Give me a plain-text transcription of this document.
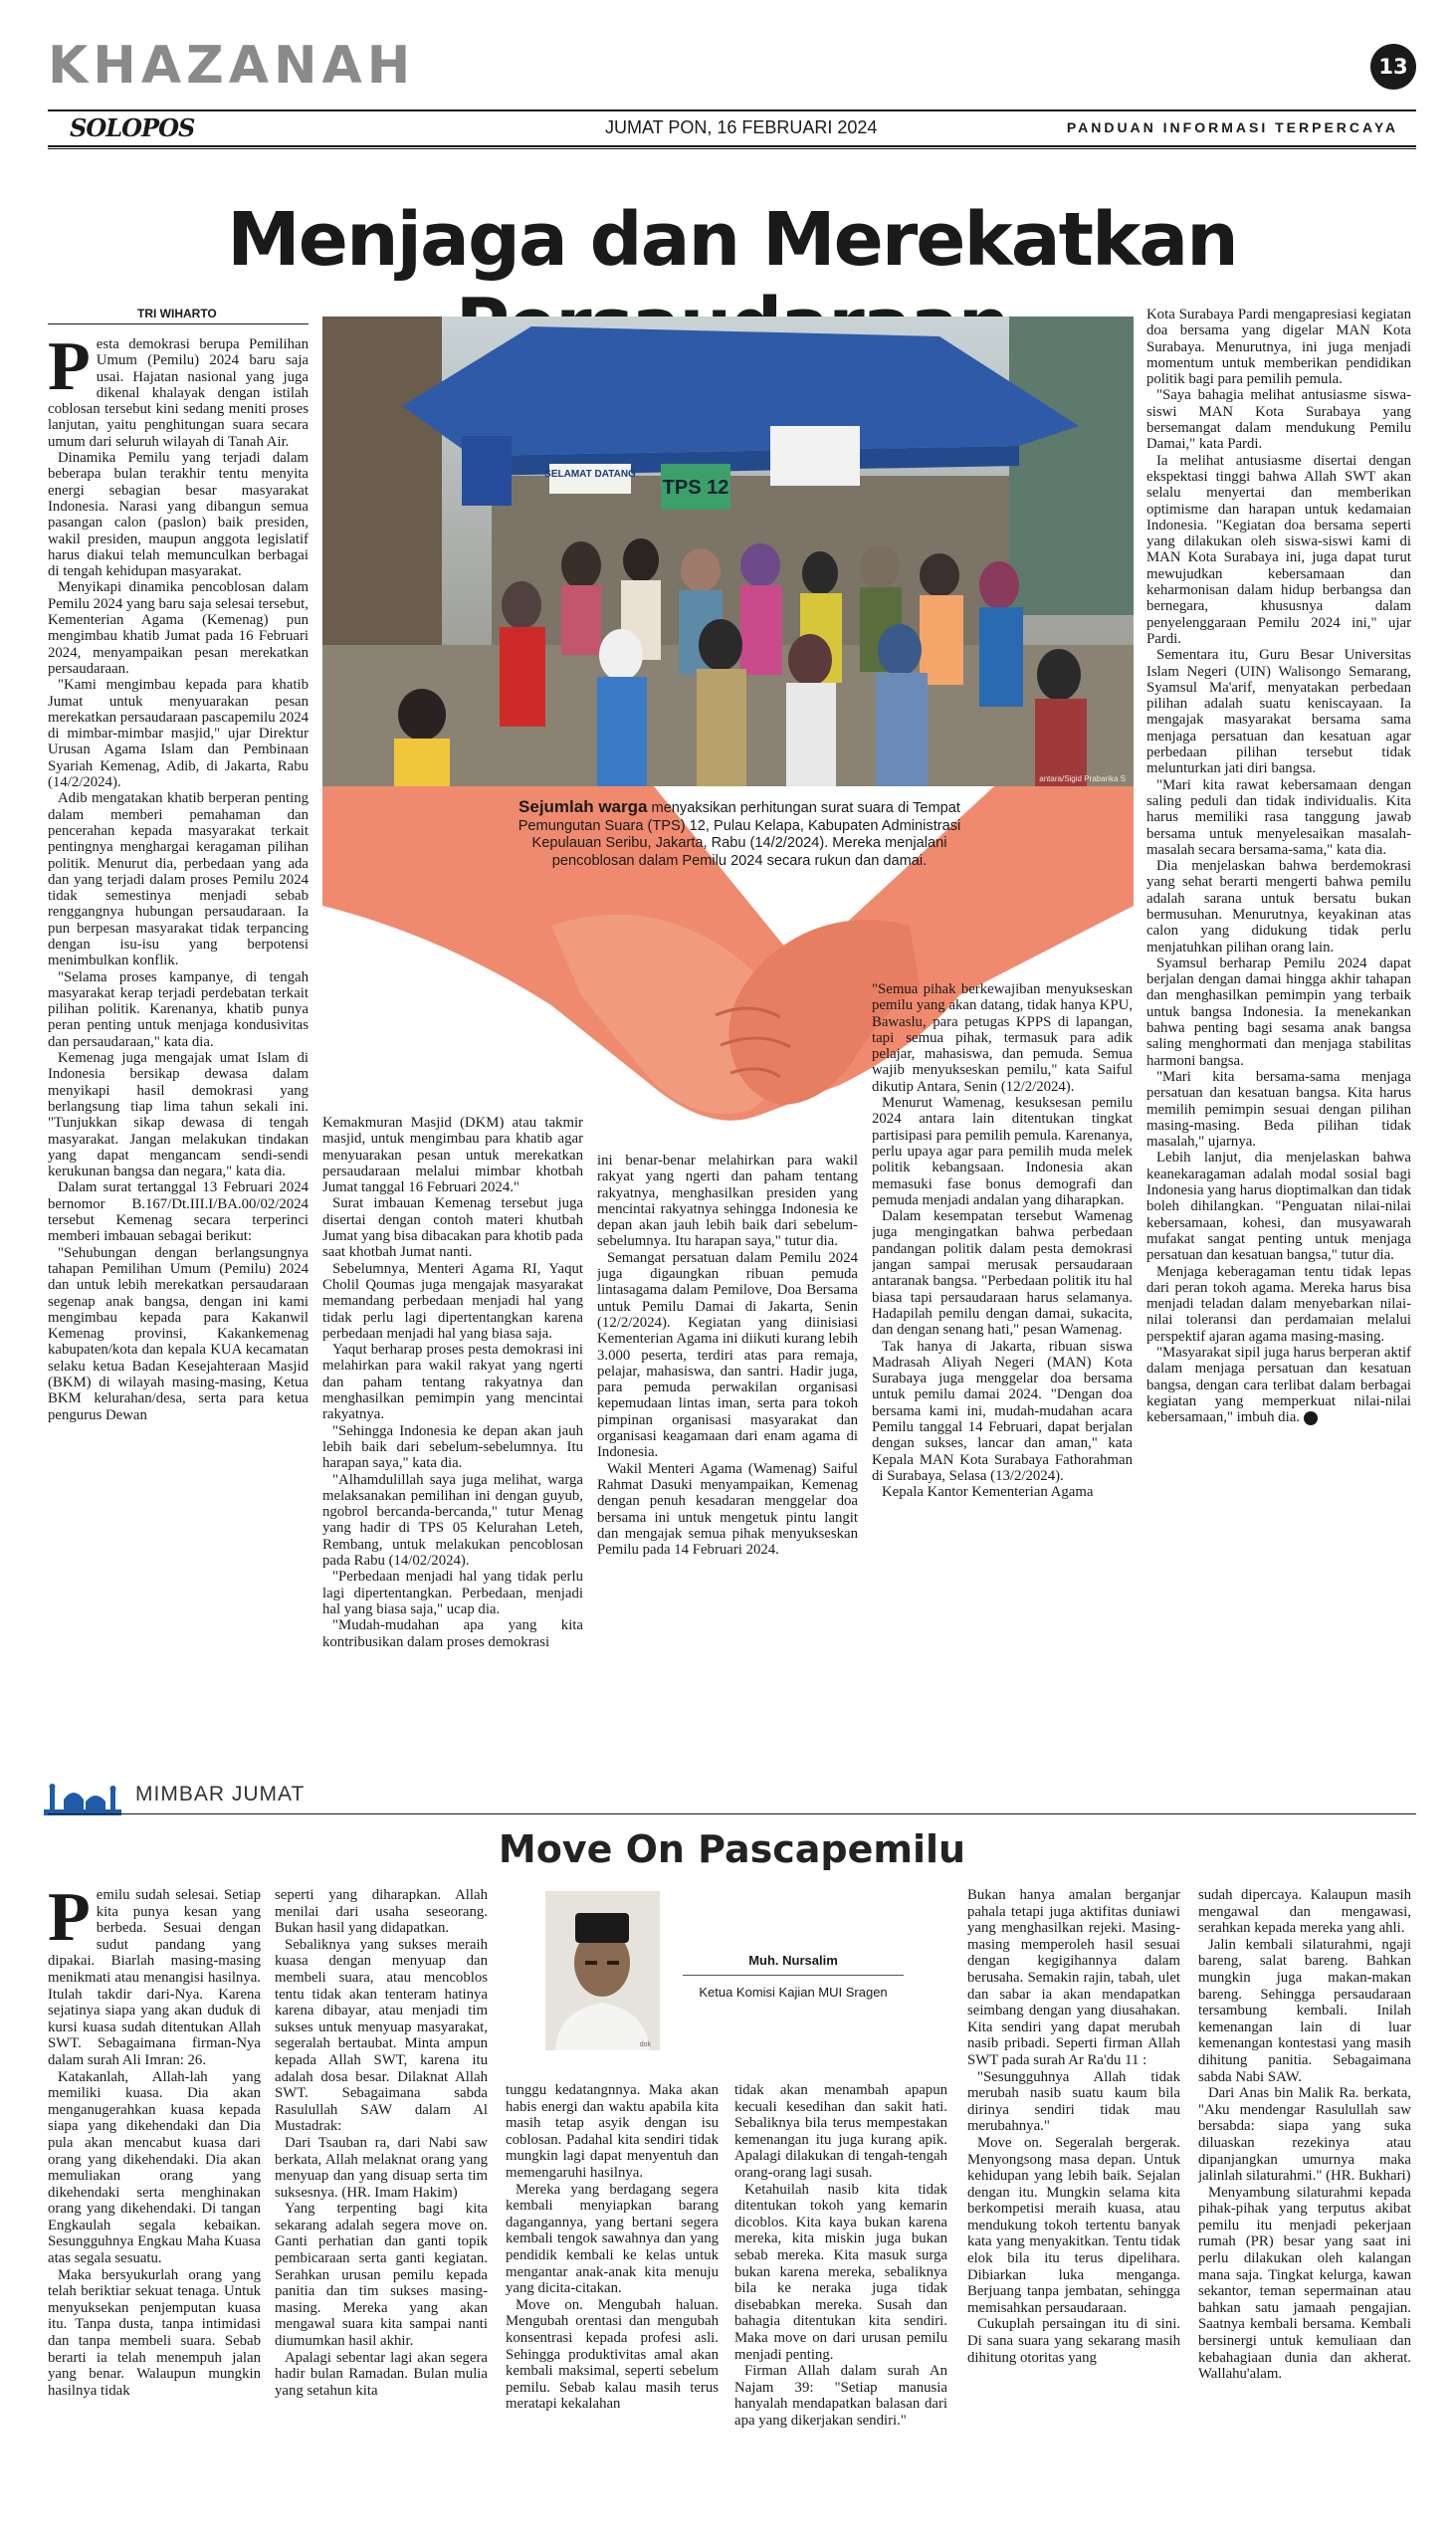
KHAZANAH	13
SOLOPOS	JUMAT PON, 16 FEBRUARI 2024	PANDUAN INFORMASI TERPERCAYA
Menjaga dan Merekatkan
TRI WIHARTO

Pesta demokrasi berupa Pemilihan Umum (Pemilu) 2024 baru saja usai. Hajatan nasional yang juga dikenal khalayak dengan istilah coblosan tersebut kini sedang meniti proses lanjutan, yaitu penghitungan suara secara umum dari seluruh wilayah di Tanah Air.

Dinamika Pemilu yang terjadi dalam beberapa bulan terakhir tentu menyita energi sebagian besar masyarakat Indonesia. Narasi yang dibangun semua pasangan calon (paslon) baik presiden, wakil presiden, maupun anggota legislatif harus diakui telah memunculkan berbagai di tengah kehidupan masyarakat.

Menyikapi dinamika pencoblosan dalam Pemilu 2024 yang baru saja selesai tersebut, Kementerian Agama (Kemenag) pun mengimbau khatib Jumat pada 16 Februari 2024, menyampaikan pesan merekatkan persaudaraan.

"Kami mengimbau kepada para khatib Jumat untuk menyuarakan pesan merekatkan persaudaraan pascapemilu 2024 di mimbar-mimbar masjid," ujar Direktur Urusan Agama Islam dan Pembinaan Syariah Kemenag, Adib, di Jakarta, Rabu (14/2/2024).

Adib mengatakan khatib berperan penting dalam memberi pemahaman dan pencerahan kepada masyarakat terkait pentingnya menghargai keragaman pilihan politik. Menurut dia, perbedaan yang ada dan yang terjadi dalam proses Pemilu 2024 tidak semestinya menjadi sebab renggangnya hubungan persaudaraan. Ia pun berpesan masyarakat tidak terpancing dengan isu-isu yang berpotensi menimbulkan konflik.

"Selama proses kampanye, di tengah masyarakat kerap terjadi perdebatan terkait pilihan politik. Karenanya, khatib punya peran penting untuk menjaga kondusivitas dan persaudaraan," kata dia.

Kemenag juga mengajak umat Islam di Indonesia bersikap dewasa dalam menyikapi hasil demokrasi yang berlangsung tiap lima tahun sekali ini. "Tunjukkan sikap dewasa di tengah masyarakat. Jangan melakukan tindakan yang dapat mengancam sendi-sendi kerukunan bangsa dan negara," kata dia.

Dalam surat tertanggal 13 Februari 2024 bernomor B.167/Dt.III.I/BA.00/02/2024 tersebut Kemenag secara terperinci memberi imbauan sebagai berikut:

"Sehubungan dengan berlangsungnya tahapan Pemilihan Umum (Pemilu) 2024 dan untuk lebih merekatkan persaudaraan segenap anak bangsa, dengan ini kami mengimbau kepada para Kakanwil Kemenag provinsi, Kakankemenag kabupaten/kota dan kepala KUA kecamatan selaku ketua Badan Kesejahteraan Masjid (BKM) di wilayah masing-masing, Ketua BKM kelurahan/desa, serta para ketua pengurus Dewan

SELAMAT DATANG
TPS 12
antara/Sigid Prabarika S
Sejumlah warga menyaksikan perhitungan surat suara di Tempat Pemungutan Suara (TPS) 12, Pulau Kelapa, Kabupaten Administrasi Kepulauan Seribu, Jakarta, Rabu (14/2/2024). Mereka menjalani pencoblosan dalam Pemilu 2024 secara rukun dan damai.

Kemakmuran Masjid (DKM) atau takmir masjid, untuk mengimbau para khatib agar menyuarakan pesan untuk merekatkan persaudaraan melalui mimbar khotbah Jumat tanggal 16 Februari 2024."

Surat imbauan Kemenag tersebut juga disertai dengan contoh materi khutbah Jumat yang bisa dibacakan para khotib pada saat khotbah Jumat nanti.

Sebelumnya, Menteri Agama RI, Yaqut Cholil Qoumas juga mengajak masyarakat memandang perbedaan menjadi hal yang tidak perlu lagi dipertentangkan karena perbedaan menjadi hal yang biasa saja.

Yaqut berharap proses pesta demokrasi ini melahirkan para wakil rakyat yang ngerti dan paham tentang rakyatnya dan menghasilkan pemimpin yang mencintai rakyatnya.

"Sehingga Indonesia ke depan akan jauh lebih baik dari sebelum-sebelumnya. Itu harapan saya," kata dia.

"Alhamdulillah saya juga melihat, warga melaksanakan pemilihan ini dengan guyub, ngobrol bercanda-bercanda," tutur Menag yang hadir di TPS 05 Kelurahan Leteh, Rembang, untuk melakukan pencoblosan pada Rabu (14/02/2024).

"Perbedaan menjadi hal yang tidak perlu lagi dipertentangkan. Perbedaan, menjadi hal yang biasa saja," ucap dia.

"Mudah-mudahan apa yang kita kontribusikan dalam proses demokrasi

ini benar-benar melahirkan para wakil rakyat yang ngerti dan paham tentang rakyatnya, menghasilkan presiden yang mencintai rakyatnya sehingga Indonesia ke depan akan jauh lebih baik dari sebelum-sebelumnya. Itu harapan saya," tutur dia.

Semangat persatuan dalam Pemilu 2024 juga digaungkan ribuan pemuda lintasagama dalam Pemilove, Doa Bersama untuk Pemilu Damai di Jakarta, Senin (12/2/2024). Kegiatan yang diinisiasi Kementerian Agama ini diikuti kurang lebih 3.000 peserta, terdiri atas para remaja, pelajar, mahasiswa, dan santri. Hadir juga, para pemuda perwakilan organisasi kepemudaan lintas iman, serta para tokoh pimpinan organisasi masyarakat dan organisasi keagamaan dari enam agama di Indonesia.

Wakil Menteri Agama (Wamenag) Saiful Rahmat Dasuki menyampaikan, Kemenag dengan penuh kesadaran menggelar doa bersama ini untuk mengetuk pintu langit dan mengajak semua pihak menyukseskan Pemilu pada 14 Februari 2024.

"Semua pihak berkewajiban menyukseskan pemilu yang akan datang, tidak hanya KPU, Bawaslu, para petugas KPPS di lapangan, tapi semua pihak, termasuk para adik pelajar, mahasiswa, dan pemuda. Semua wajib menyukseskan pemilu," kata Saiful dikutip Antara, Senin (12/2/2024).

Menurut Wamenag, kesuksesan pemilu 2024 antara lain ditentukan tingkat partisipasi para pemilih pemula. Karenanya, perlu upaya agar para pemilih muda melek politik kebangsaan. Indonesia akan memasuki fase bonus demografi dan pemuda menjadi andalan yang diharapkan.

Dalam kesempatan tersebut Wamenag juga mengingatkan bahwa perbedaan pandangan politik dalam pesta demokrasi jangan sampai merusak persaudaraan antaranak bangsa. "Perbedaan politik itu hal biasa tapi persaudaraan harus selamanya. Hadapilah pemilu dengan damai, sukacita, dan dengan senang hati," pesan Wamenag.

Tak hanya di Jakarta, ribuan siswa Madrasah Aliyah Negeri (MAN) Kota Surabaya juga menggelar doa bersama untuk pemilu damai 2024. "Dengan doa bersama kami ini, mudah-mudahan acara Pemilu tanggal 14 Februari, dapat berjalan dengan sukses, lancar dan aman," kata Kepala MAN Kota Surabaya Fathorahman di Surabaya, Selasa (13/2/2024).

Kepala Kantor Kementerian Agama

Kota Surabaya Pardi mengapresiasi kegiatan doa bersama yang digelar MAN Kota Surabaya. Menurutnya, ini juga menjadi momentum untuk memberikan pendidikan politik bagi para pemilih pemula.

"Saya bahagia melihat antusiasme siswa-siswi MAN Kota Surabaya yang bersemangat dalam mendukung Pemilu Damai," kata Pardi.

Ia melihat antusiasme disertai dengan ekspektasi tinggi bahwa Allah SWT akan selalu menyertai dan memberikan optimisme dan harapan untuk kedamaian Indonesia. "Kegiatan doa bersama seperti yang dilakukan oleh siswa-siswi kami di MAN Kota Surabaya ini, juga dapat turut mewujudkan kebersamaan dan keharmonisan dalam hidup berbangsa dan bernegara, khususnya dalam penyelenggaraan Pemilu 2024 ini," ujar Pardi.

Sementara itu, Guru Besar Universitas Islam Negeri (UIN) Walisongo Semarang, Syamsul Ma'arif, menyatakan perbedaan pilihan adalah suatu keniscayaan. Ia mengajak masyarakat bersama sama menjaga persatuan dan kesatuan agar perbedaan pilihan tersebut tidak melunturkan jati diri bangsa.

"Mari kita rawat kebersamaan dengan saling peduli dan tidak individualis. Kita harus memiliki rasa tanggung jawab bersama untuk menyelesaikan masalah-masalah secara bersama-sama," kata dia.

Dia menjelaskan bahwa berdemokrasi yang sehat berarti mengerti bahwa pemilu adalah sarana untuk bersatu bukan bermusuhan. Menurutnya, keyakinan atas calon yang didukung tidak perlu menjatuhkan pilihan orang lain.

Syamsul berharap Pemilu 2024 dapat berjalan dengan damai hingga akhir tahapan dan menghasilkan pemimpin yang terbaik untuk bangsa Indonesia. Ia menekankan bahwa penting bagi sesama anak bangsa saling menghormati dan menjaga stabilitas harmoni bangsa.

"Mari kita bersama-sama menjaga persatuan dan kesatuan bangsa. Kita harus memilih pemimpin sesuai dengan pilihan masing-masing. Beda pilihan tidak masalah," ujarnya.

Lebih lanjut, dia menjelaskan bahwa keanekaragaman adalah modal sosial bagi Indonesia yang harus dioptimalkan dan tidak boleh dihilangkan. "Penguatan nilai-nilai kebersamaan, kohesi, dan musyawarah mufakat sangat penting untuk menjaga persatuan dan kesatuan bangsa," tutur dia.

Menjaga keberagaman tentu tidak lepas dari peran tokoh agama. Mereka harus bisa menjadi teladan dalam menyebarkan nilai-nilai toleransi dan perdamaian melalui perspektif ajaran agama masing-masing.

"Masyarakat sipil juga harus berperan aktif dalam menjaga persatuan dan kesatuan bangsa, dengan cara terlibat dalam berbagai kegiatan yang memperkuat nilai-nilai kebersamaan," imbuh dia.

MIMBAR JUMAT
Move On Pascapemilu
dok
Muh. Nursalim
Ketua Komisi Kajian MUI Sragen

Pemilu sudah selesai. Setiap kita punya kesan yang berbeda. Sesuai dengan sudut pandang yang dipakai. Biarlah masing-masing menikmati atau menangisi hasilnya. Itulah takdir dari-Nya. Karena sejatinya siapa yang akan duduk di kursi kuasa sudah ditentukan Allah SWT. Sebagaimana firman-Nya dalam surah Ali Imran: 26.

Katakanlah, Allah-lah yang memiliki kuasa. Dia akan menganugerahkan kuasa kepada siapa yang dikehendaki dan Dia pula akan mencabut kuasa dari orang yang dikehendaki. Dia akan memuliakan orang yang dikehendaki serta menghinakan orang yang dikehendaki. Di tangan Engkaulah segala kebaikan. Sesungguhnya Engkau Maha Kuasa atas segala sesuatu.

Maka bersyukurlah orang yang telah beriktiar sekuat tenaga. Untuk menyuksekan penjemputan kuasa itu. Tanpa dusta, tanpa intimidasi dan tanpa membeli suara. Sebab berarti ia telah menempuh jalan yang benar. Walaupun mungkin hasilnya tidak

seperti yang diharapkan. Allah menilai dari usaha seseorang. Bukan hasil yang didapatkan.

Sebaliknya yang sukses meraih kuasa dengan menyuap dan membeli suara, atau mencoblos tentu tidak akan tenteram hatinya karena dibayar, atau menjadi tim sukses untuk menyuap masyarakat, segeralah bertaubat. Minta ampun kepada Allah SWT, karena itu adalah dosa besar. Dilaknat Allah SWT. Sebagaimana sabda Rasulullah SAW dalam Al Mustadrak:

Dari Tsauban ra, dari Nabi saw berkata, Allah melaknat orang yang menyuap dan yang disuap serta tim suksesnya. (HR. Imam Hakim)

Yang terpenting bagi kita sekarang adalah segera move on. Ganti perhatian dan ganti topik pembicaraan serta ganti kegiatan. Serahkan urusan pemilu kepada panitia dan tim sukses masing-masing. Mereka yang akan mengawal suara kita sampai nanti diumumkan hasil akhir.

Apalagi sebentar lagi akan segera hadir bulan Ramadan. Bulan mulia yang setahun kita

tunggu kedatangnnya. Maka akan habis energi dan waktu apabila kita masih tetap asyik dengan isu coblosan. Padahal kita sendiri tidak mungkin lagi dapat menyentuh dan memengaruhi hasilnya.

Mereka yang berdagang segera kembali menyiapkan barang dagangannya, yang bertani segera kembali tengok sawahnya dan yang pendidik kembali ke kelas untuk mengantar anak-anak kita menuju yang dicita-citakan.

Move on. Mengubah haluan. Mengubah orentasi dan mengubah konsentrasi kepada profesi asli. Sehingga produktivitas amal akan kembali maksimal, seperti sebelum pemilu. Sebab kalau masih terus meratapi kekalahan

tidak akan menambah apapun kecuali kesedihan dan sakit hati. Sebaliknya bila terus mempestakan kemenangan itu juga kurang apik. Apalagi dilakukan di tengah-tengah orang-orang lagi susah.

Ketahuilah nasib kita tidak ditentukan tokoh yang kemarin dicoblos. Kita kaya bukan karena mereka, kita miskin juga bukan sebab mereka. Kita masuk surga bukan karena mereka, sebaliknya bila ke neraka juga tidak disebabkan mereka. Susah dan bahagia ditentukan kita sendiri. Maka move on dari urusan pemilu menjadi penting.

Firman Allah dalam surah An Najam 39: "Setiap manusia hanyalah mendapatkan balasan dari apa yang dikerjakan sendiri."

Bukan hanya amalan berganjar pahala tetapi juga aktifitas duniawi yang menghasilkan rejeki. Masing-masing memperoleh hasil sesuai dengan kegigihannya dalam berusaha. Semakin rajin, tabah, ulet dan sabar ia akan mendapatkan seimbang dengan yang diusahakan. Kita sendiri yang dapat merubah nasib pribadi. Seperti firman Allah SWT pada surah Ar Ra'du 11 :

"Sesungguhnya Allah tidak merubah nasib suatu kaum bila dirinya sendiri tidak mau merubahnya."

Move on. Segeralah bergerak. Menyongsong masa depan. Untuk kehidupan yang lebih baik. Sejalan dengan itu. Mungkin selama kita berkompetisi meraih kuasa, atau mendukung tokoh tertentu banyak kata yang menyakitkan. Tentu tidak elok bila itu terus dipelihara. Dibiarkan luka menganga. Berjuang tanpa jembatan, sehingga memisahkan persaudaraan.

Cukuplah persaingan itu di sini. Di sana suara yang sekarang masih dihitung otoritas yang

sudah dipercaya. Kalaupun masih mengawal dan mengawasi, serahkan kepada mereka yang ahli.

Jalin kembali silaturahmi, ngaji bareng, salat bareng. Bahkan mungkin juga makan-makan bareng. Sehingga persaudaraan tersambung kembali. Inilah kemenangan lain di luar kemenangan kontestasi yang masih dihitung panitia. Sebagaimana sabda Nabi SAW.

Dari Anas bin Malik Ra. berkata, "Aku mendengar Rasulullah saw bersabda: siapa yang suka diluaskan rezekinya atau dipanjangkan umurnya maka jalinlah silaturahmi." (HR. Bukhari)

Menyambung silaturahmi kepada pihak-pihak yang terputus akibat pemilu itu menjadi pekerjaan rumah (PR) besar yang saat ini perlu dilakukan oleh kalangan mana saja. Tingkat kelurga, kawan sekantor, teman sepermainan atau bahkan satu jamaah pengajian. Saatnya kembali bersama. Kembali bersinergi untuk kemuliaan dan kebahagiaan dunia dan akherat. Wallahu'alam.
